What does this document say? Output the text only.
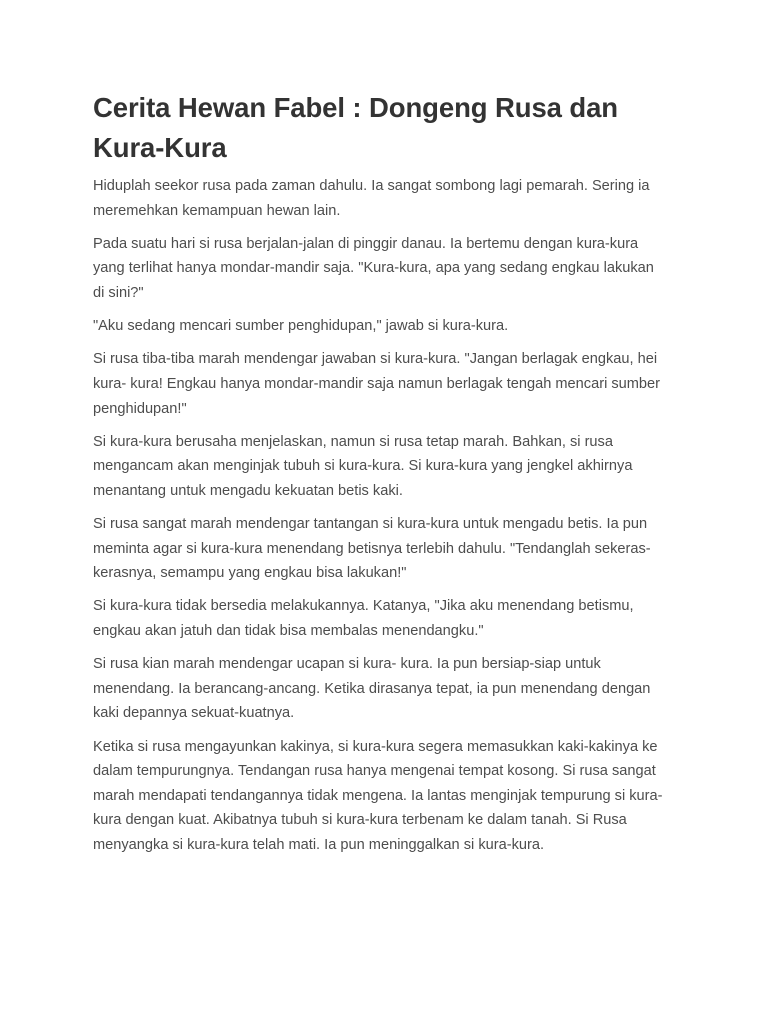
Cerita Hewan Fabel : Dongeng Rusa dan
Kura-Kura

Hiduplah seekor rusa pada zaman dahulu. Ia sangat sombong lagi pemarah. Sering ia
meremehkan kemampuan hewan lain.

Pada suatu hari si rusa berjalan-jalan di pinggir danau. Ia bertemu dengan kura-kura
yang terlihat hanya mondar-mandir saja. "Kura-kura, apa yang sedang engkau lakukan
di sini?"

"Aku sedang mencari sumber penghidupan," jawab si kura-kura.

Si rusa tiba-tiba marah mendengar jawaban si kura-kura. "Jangan berlagak engkau, hei
kura- kura! Engkau hanya mondar-mandir saja namun berlagak tengah mencari sumber
penghidupan!"

Si kura-kura berusaha menjelaskan, namun si rusa tetap marah. Bahkan, si rusa
mengancam akan menginjak tubuh si kura-kura. Si kura-kura yang jengkel akhirnya
menantang untuk mengadu kekuatan betis kaki.

Si rusa sangat marah mendengar tantangan si kura-kura untuk mengadu betis. Ia pun
meminta agar si kura-kura menendang betisnya terlebih dahulu. "Tendanglah sekeras-
kerasnya, semampu yang engkau bisa lakukan!"

Si kura-kura tidak bersedia melakukannya. Katanya, "Jika aku menendang betismu,
engkau akan jatuh dan tidak bisa membalas menendangku."

Si rusa kian marah mendengar ucapan si kura- kura. Ia pun bersiap-siap untuk
menendang. Ia berancang-ancang. Ketika dirasanya tepat, ia pun menendang dengan
kaki depannya sekuat-kuatnya.

Ketika si rusa mengayunkan kakinya, si kura-kura segera memasukkan kaki-kakinya ke
dalam tempurungnya. Tendangan rusa hanya mengenai tempat kosong. Si rusa sangat
marah mendapati tendangannya tidak mengena. Ia lantas menginjak tempurung si kura-
kura dengan kuat. Akibatnya tubuh si kura-kura terbenam ke dalam tanah. Si Rusa
menyangka si kura-kura telah mati. Ia pun meninggalkan si kura-kura.
